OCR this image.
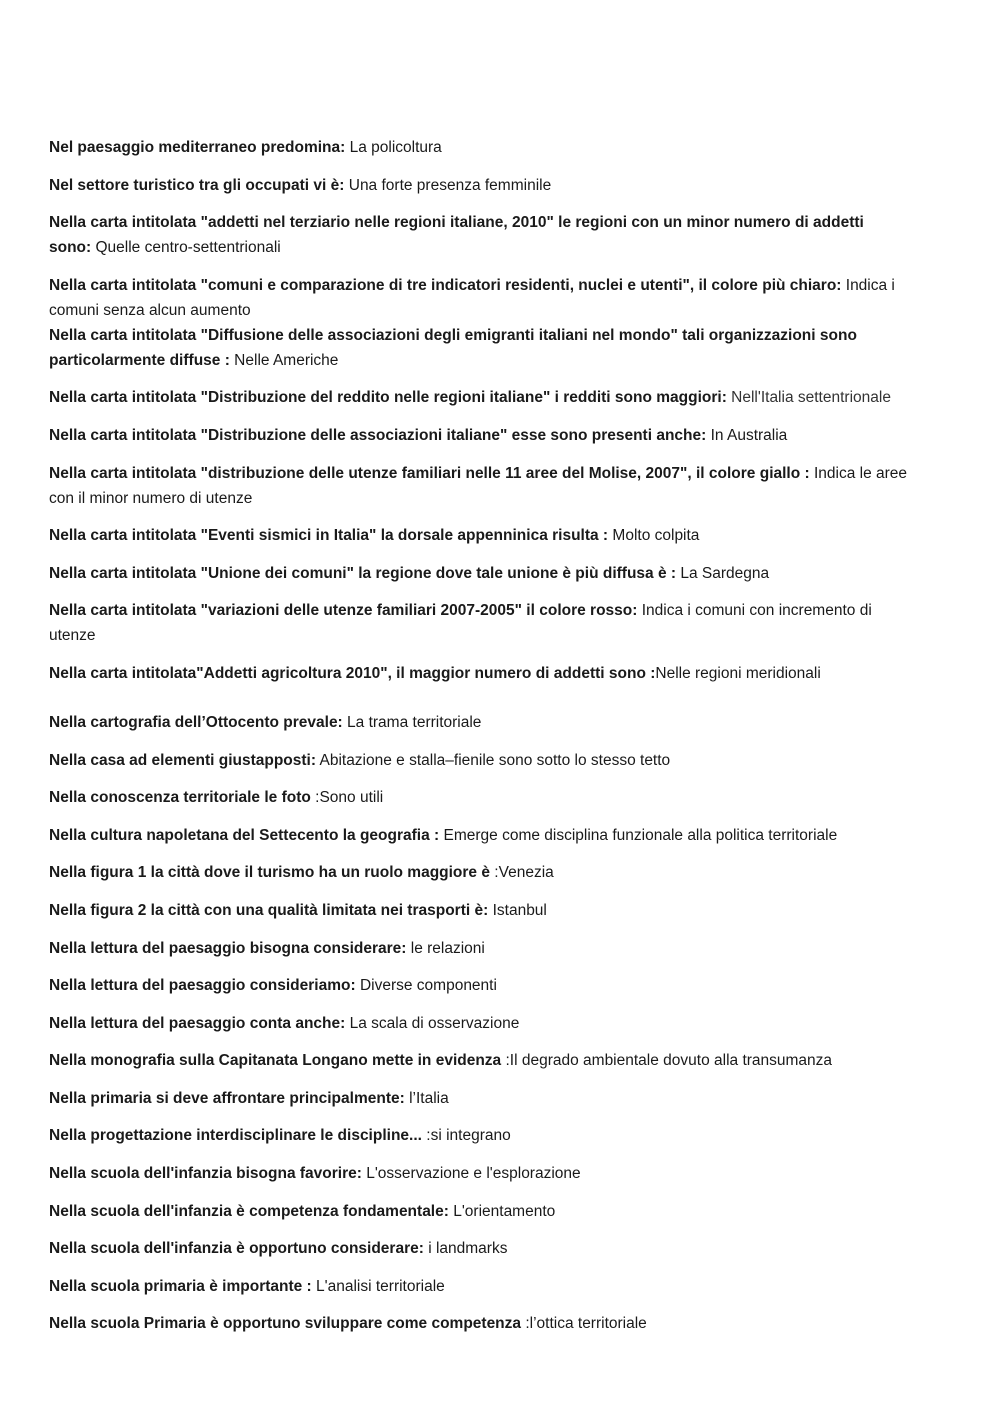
Nel paesaggio mediterraneo predomina: La policoltura

Nel settore turistico tra gli occupati vi è: Una forte presenza femminile

Nella carta intitolata "addetti nel terziario nelle regioni italiane, 2010" le regioni con un minor numero di addetti sono: Quelle centro-settentrionali

Nella carta intitolata "comuni e comparazione di tre indicatori residenti, nuclei e utenti", il colore più chiaro: Indica i comuni senza alcun aumento

Nella carta intitolata "Diffusione delle associazioni degli emigranti italiani nel mondo" tali organizzazioni sono particolarmente diffuse : Nelle Americhe

Nella carta intitolata "Distribuzione del reddito nelle regioni italiane" i redditi sono maggiori: Nell'Italia settentrionale

Nella carta intitolata "Distribuzione delle associazioni italiane" esse sono presenti anche: In Australia

Nella carta intitolata "distribuzione delle utenze familiari nelle 11 aree del Molise, 2007", il colore giallo : Indica le aree con il minor numero di utenze

Nella carta intitolata "Eventi sismici in Italia" la dorsale appenninica risulta : Molto colpita

Nella carta intitolata "Unione dei comuni" la regione dove tale unione è più diffusa è : La Sardegna

Nella carta intitolata "variazioni delle utenze familiari 2007-2005" il colore rosso: Indica i comuni con incremento di utenze

Nella carta intitolata"Addetti agricoltura 2010", il maggior numero di addetti sono :Nelle regioni meridionali

Nella cartografia dell’Ottocento prevale: La trama territoriale

Nella casa ad elementi giustapposti: Abitazione e stalla–fienile sono sotto lo stesso tetto

Nella conoscenza territoriale le foto :Sono utili

Nella cultura napoletana del Settecento la geografia : Emerge come disciplina funzionale alla politica territoriale

Nella figura 1 la città dove il turismo ha un ruolo maggiore è :Venezia

Nella figura 2 la città con una qualità limitata nei trasporti è: Istanbul

Nella lettura del paesaggio bisogna considerare: le relazioni

Nella lettura del paesaggio consideriamo: Diverse componenti

Nella lettura del paesaggio conta anche: La scala di osservazione

Nella monografia sulla Capitanata Longano mette in evidenza :Il degrado ambientale dovuto alla transumanza

Nella primaria si deve affrontare principalmente: l’Italia

Nella progettazione interdisciplinare le discipline... :si integrano

Nella scuola dell'infanzia bisogna favorire: L'osservazione e l'esplorazione

Nella scuola dell'infanzia è competenza fondamentale: L'orientamento

Nella scuola dell'infanzia è opportuno considerare: i landmarks

Nella scuola primaria è importante : L'analisi territoriale

Nella scuola Primaria è opportuno sviluppare come competenza :l’ottica territoriale
